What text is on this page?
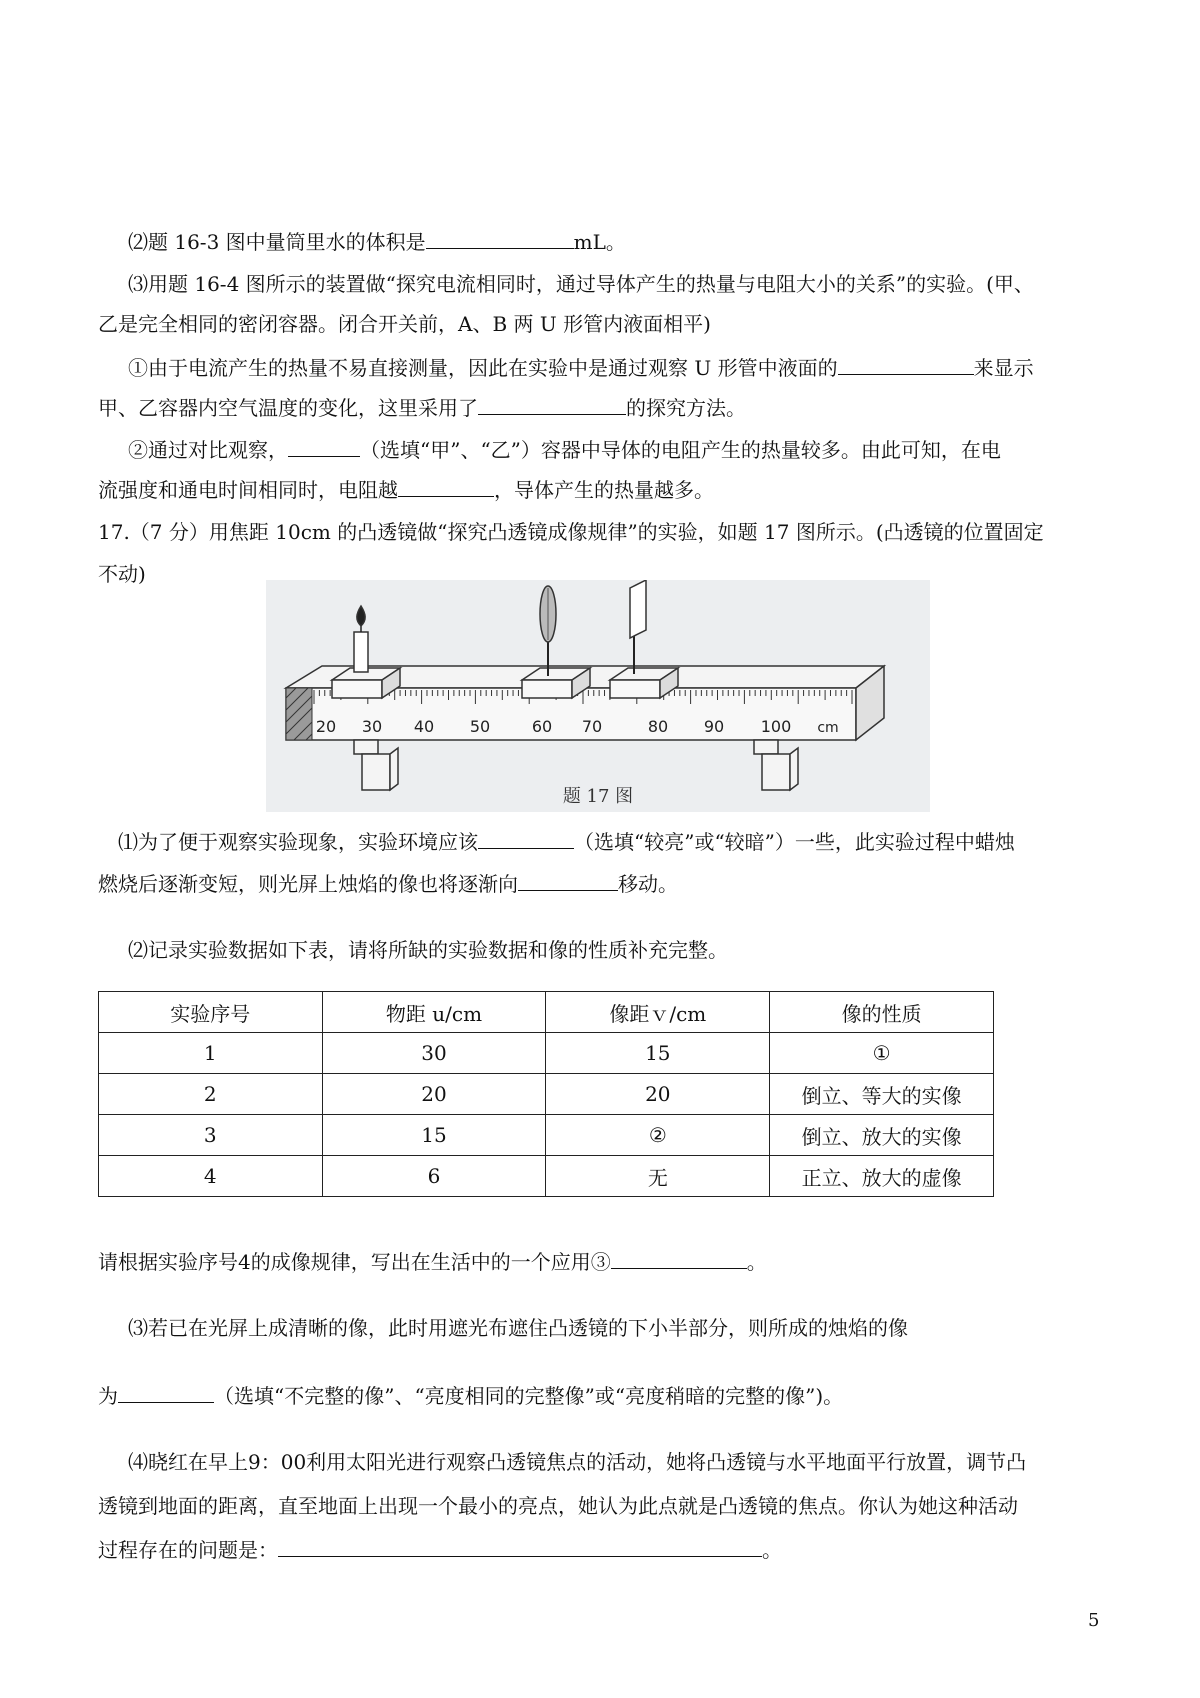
⑵题 16-3 图中量筒里水的体积是	mL。
⑶用题 16-4 图所示的装置做“探究电流相同时，通过导体产生的热量与电阻大小的关系”的实验。(甲、
乙是完全相同的密闭容器。闭合开关前，A、B 两 U 形管内液面相平)
①由于电流产生的热量不易直接测量，因此在实验中是通过观察 U 形管中液面的	来显示
甲、乙容器内空气温度的变化，这里采用了	的探究方法。
②通过对比观察，	（选填“甲”、“乙”）容器中导体的电阻产生的热量较多。由此可知，在电
流强度和通电时间相同时，电阻越	，导体产生的热量越多。
17.（7 分）用焦距 10cm 的凸透镜做“探究凸透镜成像规律”的实验，如题 17 图所示。(凸透镜的位置固定
不动)
20 30 40 50	60 70	80 90 100 cm
题 17 图
⑴为了便于观察实验现象，实验环境应该	（选填“较亮”或“较暗”）一些，此实验过程中蜡烛
燃烧后逐渐变短，则光屏上烛焰的像也将逐渐向	移动。
⑵记录实验数据如下表，请将所缺的实验数据和像的性质补充完整。
实验序号	物距 u/cm	像距ｖ/cm	像的性质
1	30	15	①
2	20	20	倒立、等大的实像
3	15	②	倒立、放大的实像
4	6	无	正立、放大的虚像
请根据实验序号4的成像规律，写出在生活中的一个应用③	。
⑶若已在光屏上成清晰的像，此时用遮光布遮住凸透镜的下小半部分，则所成的烛焰的像
为	（选填“不完整的像”、“亮度相同的完整像”或“亮度稍暗的完整的像”)。
⑷晓红在早上9：00利用太阳光进行观察凸透镜焦点的活动，她将凸透镜与水平地面平行放置，调节凸
透镜到地面的距离，直至地面上出现一个最小的亮点，她认为此点就是凸透镜的焦点。你认为她这种活动
过程存在的问题是：	。
5
